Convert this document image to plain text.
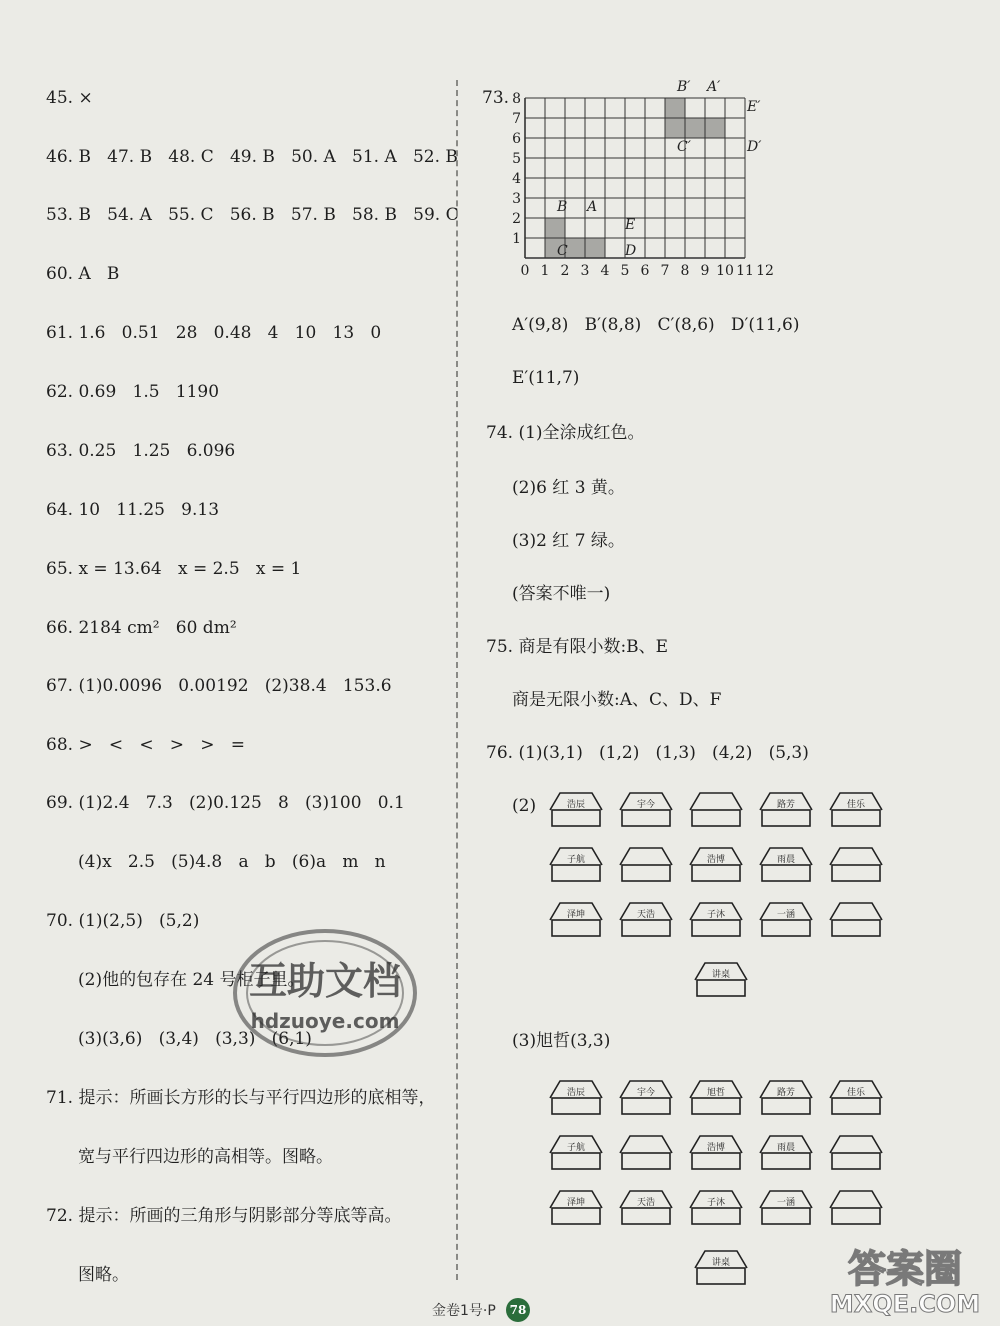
45. ×
46. B   47. B   48. C   49. B   50. A   51. A   52. B
53. B   54. A   55. C   56. B   57. B   58. B   59. C
60. A   B
61. 1.6   0.51   28   0.48   4   10   13   0
62. 0.69   1.5   1190
63. 0.25   1.25   6.096
64. 10   11.25   9.13
65. x = 13.64   x = 2.5   x = 1
66. 2184 cm²   60 dm²
67. (1)0.0096   0.00192   (2)38.4   153.6
68. >   <   <   >   >   =
69. (1)2.4   7.3   (2)0.125   8   (3)100   0.1
(4)x   2.5   (5)4.8   a   b   (6)a   m   n
70. (1)(2,5)   (5,2)
(2)他的包存在 24 号柜子里。
(3)(3,6)   (3,4)   (3,3)   (6,1)
71. 提示：所画长方形的长与平行四边形的底相等，
宽与平行四边形的高相等。图略。
72. 提示：所画的三角形与阴影部分等底等高。
图略。
A′(9,8)   B′(8,8)   C′(8,6)   D′(11,6)
E′(11,7)
74. (1)全涂成红色。
(2)6 红 3 黄。
(3)2 红 7 绿。
(答案不唯一)
75. 商是有限小数:B、E
商是无限小数:A、C、D、F
76. (1)(3,1)   (1,2)   (1,3)   (4,2)   (5,3)
(2)
(3)旭哲(3,3)
73.
0 1 2 3 4 5 6 7 8 9 10 11 12
1
2
3
4
5
6
7
8
B A
C	D
E
B′ A′
E′
C′	D′
浩辰	宇今	路芳	佳乐
子航	浩博	雨晨
泽坤	天浩	子沐	一涵
讲桌
浩辰	宇今	旭哲	路芳	佳乐
子航	浩博	雨晨
泽坤	天浩	子沐	一涵
讲桌
互助文档
hdzuoye.com
答案圈
MXQE.COM
金卷1号·P	78
